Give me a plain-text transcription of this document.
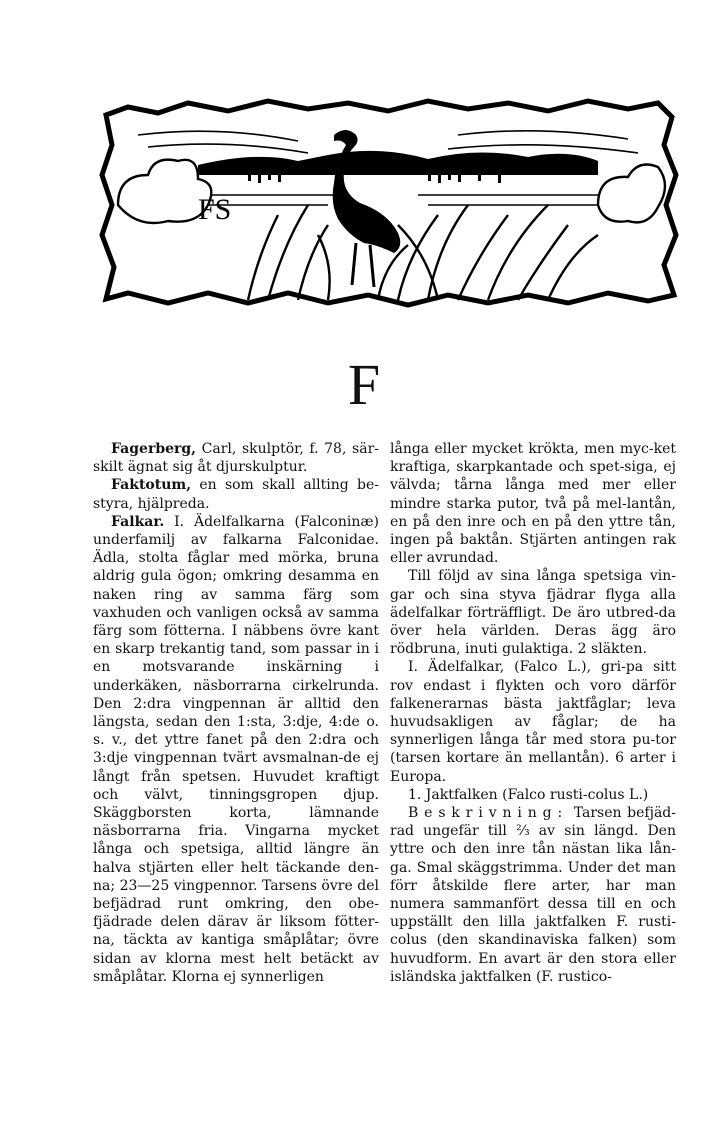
FS
F

Fagerberg, Carl, skulptör, f. 78, sär-skilt ägnat sig åt djurskulptur.

Faktotum, en som skall allting be-styra, hjälpreda.

Falkar. I. Ädelfalkarna (Falconinæ) underfamilj av falkarna Falconidae. Ädla, stolta fåglar med mörka, bruna aldrig gula ögon; omkring desamma en naken ring av samma färg som vaxhuden och vanligen också av samma färg som fötterna. I näbbens övre kant en skarp trekantig tand, som passar in i en motsvarande inskärning i underkäken, näsborrarna cirkelrunda. Den 2:dra vingpennan är alltid den längsta, sedan den 1:sta, 3:dje, 4:de o. s. v., det yttre fanet på den 2:dra och 3:dje vingpennan tvärt avsmalnan-de ej långt från spetsen. Huvudet kraftigt och välvt, tinningsgropen djup. Skäggborsten korta, lämnande näsborrarna fria. Vingarna mycket långa och spetsiga, alltid längre än halva stjärten eller helt täckande den-na; 23—25 vingpennor. Tarsens övre del befjädrad runt omkring, den obe-fjädrade delen därav är liksom fötter-na, täckta av kantiga småplåtar; övre sidan av klorna mest helt betäckt av småplåtar. Klorna ej synnerligen

långa eller mycket krökta, men myc-ket kraftiga, skarpkantade och spet-siga, ej välvda; tårna långa med mer eller mindre starka putor, två på mel-lantån, en på den inre och en på den yttre tån, ingen på baktån. Stjärten antingen rak eller avrundad.

Till följd av sina långa spetsiga vin-gar och sina styva fjädrar flyga alla ädelfalkar förträffligt. De äro utbred-da över hela världen. Deras ägg äro rödbruna, inuti gulaktiga. 2 släkten.

I. Ädelfalkar, (Falco L.), gri-pa sitt rov endast i flykten och voro därför falkenerarnas bästa jaktfåglar; leva huvudsakligen av fåglar; de ha synnerligen långa tår med stora pu-tor (tarsen kortare än mellantån). 6 arter i Europa.

1. Jaktfalken (Falco rusti-colus L.)

Beskrivning: Tarsen befjäd-rad ungefär till ⅔ av sin längd. Den yttre och den inre tån nästan lika lån-ga. Smal skäggstrimma. Under det man förr åtskilde flere arter, har man numera sammanfört dessa till en och uppställt den lilla jaktfalken F. rusti-colus (den skandinaviska falken) som huvudform. En avart är den stora eller isländska jaktfalken (F. rustico-
